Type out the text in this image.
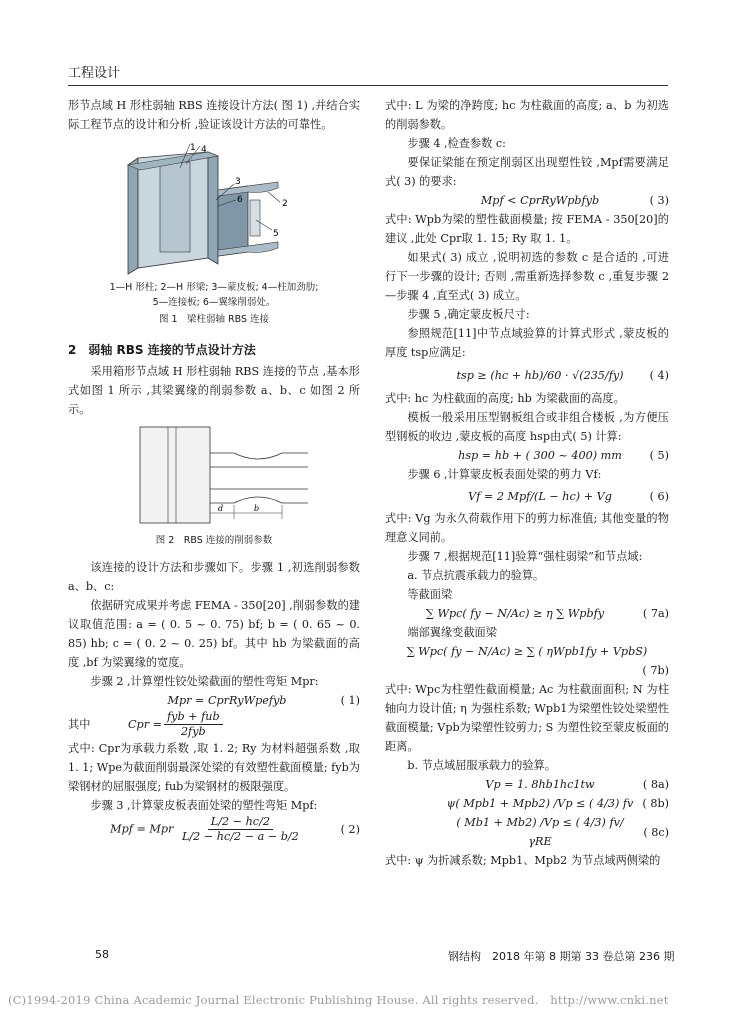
工程设计

形节点域 H 形柱弱轴 RBS 连接设计方法( 图 1) ,并结合实际工程节点的设计和分析 ,验证该设计方法的可靠性。

1 4
3
6	2
5
1—H 形柱; 2—H 形梁; 3—蒙皮板; 4—柱加劲肋;
5—连接板; 6—翼缘削弱处。
图 1　梁柱弱轴 RBS 连接
2　弱轴 RBS 连接的节点设计方法

采用箱形节点域 H 形柱弱轴 RBS 连接的节点 ,基本形式如图 1 所示 ,其梁翼缘的削弱参数 a、b、c 如图 2 所示。

d	b
图 2　RBS 连接的削弱参数

该连接的设计方法和步骤如下。步骤 1 ,初选削弱参数 a、b、c:

依据研究成果并考虑 FEMA - 350[20] ,削弱参数的建议取值范围: a = ( 0. 5 ~ 0. 75) bf; b = ( 0. 65 ~ 0. 85) hb; c = ( 0. 2 ~ 0. 25) bf。其中 hb 为梁截面的高度 ,bf 为梁翼缘的宽度。

步骤 2 ,计算塑性铰处梁截面的塑性弯矩 Mpr:

Mpr = CprRyWpefyb	( 1)
其中	Cpr = $\frac{\text{fyb + fub}}{\text{2fyb}}$

式中: Cpr为承载力系数 ,取 1. 2; Ry 为材料超强系数 ,取 1. 1; Wpe为截面削弱最深处梁的有效塑性截面模量; fyb为梁钢材的屈服强度; fub为梁钢材的极限强度。

步骤 3 ,计算蒙皮板表面处梁的塑性弯矩 Mpf:

Mpf = Mpr $\frac{L/2 - hc/2}{L/2 - hc/2 - a - b/2}$	( 2)

式中: L 为梁的净跨度; hc 为柱截面的高度; a、b 为初选的削弱参数。

步骤 4 ,检查参数 c:

要保证梁能在预定削弱区出现塑性铰 ,Mpf需要满足式( 3) 的要求:

Mpf < CprRyWpbfyb	( 3)

式中: Wpb为梁的塑性截面模量; 按 FEMA - 350[20]的建议 ,此处 Cpr取 1. 15; Ry 取 1. 1。

如果式( 3) 成立 ,说明初选的参数 c 是合适的 ,可进行下一步骤的设计; 否则 ,需重新选择参数 c ,重复步骤 2—步骤 4 ,直至式( 3) 成立。

步骤 5 ,确定蒙皮板尺寸:

参照规范[11]中节点域验算的计算式形式 ,蒙皮板的厚度 tsp应满足:

tsp ≥ (hc + hb)/60 · √(235/fy)	( 4)

式中: hc 为柱截面的高度; hb 为梁截面的高度。

模板一般采用压型钢板组合或非组合楼板 ,为方便压型钢板的收边 ,蒙皮板的高度 hsp由式( 5) 计算:

hsp = hb + ( 300 ~ 400) mm	( 5)

步骤 6 ,计算蒙皮板表面处梁的剪力 Vf:

Vf = 2 Mpf/(L − hc) + Vg	( 6)

式中: Vg 为永久荷载作用下的剪力标准值; 其他变量的物理意义同前。

步骤 7 ,根据规范[11]验算“强柱弱梁”和节点域:

a. 节点抗震承载力的验算。

等截面梁

∑ Wpc( fy − N/Ac) ≥ η ∑ Wpbfy	( 7a)

端部翼缘变截面梁

∑ Wpc( fy − N/Ac) ≥ ∑ ( ηWpb1fy + VpbS)
( 7b)

式中: Wpc为柱塑性截面模量; Ac 为柱截面面积; N 为柱轴向力设计值; η 为强柱系数; Wpb1为梁塑性铰处梁塑性截面模量; Vpb为梁塑性铰剪力; S 为塑性铰至蒙皮板面的距离。

b. 节点域屈服承载力的验算。

Vp = 1. 8hb1hc1tw	( 8a)
ψ( Mpb1 + Mpb2) /Vp ≤ ( 4/3) fv ( 8b)
( Mb1 + Mb2) /Vp ≤ ( 4/3) fv/γRE
( 8c)

式中: ψ 为折减系数; Mpb1、Mpb2 为节点域两侧梁的

58	钢结构　2018 年第 8 期第 33 卷总第 236 期
(C)1994-2019 China Academic Journal Electronic Publishing House. All rights reserved.　http://www.cnki.net
